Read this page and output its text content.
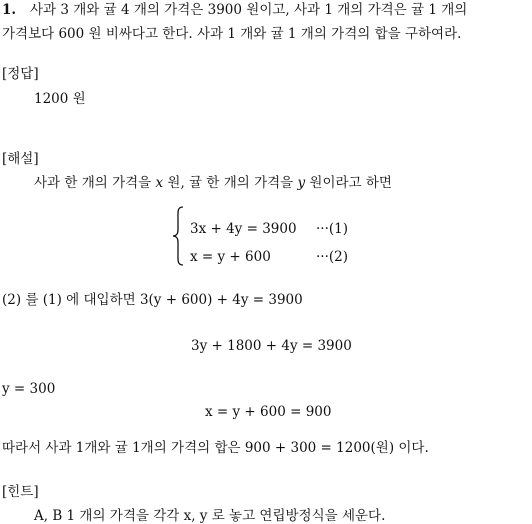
1. 사과 3 개와 귤 4 개의 가격은 3900 원이고, 사과 1 개의 가격은 귤 1 개의
가격보다 600 원 비싸다고 한다. 사과 1 개와 귤 1 개의 가격의 합을 구하여라.
[정답]
1200 원
[해설]
사과 한 개의 가격을 x 원, 귤 한 개의 가격을 y 원이라고 하면
3x + 4y = 3900 ···(1)
x = y + 600	···(2)
(2) 를 (1) 에 대입하면 3(y + 600) + 4y = 3900
3y + 1800 + 4y = 3900
y = 300
x = y + 600 = 900
따라서 사과 1개와 귤 1개의 가격의 합은 900 + 300 = 1200(원) 이다.
[힌트]
A, B 1 개의 가격을 각각 x, y 로 놓고 연립방정식을 세운다.
